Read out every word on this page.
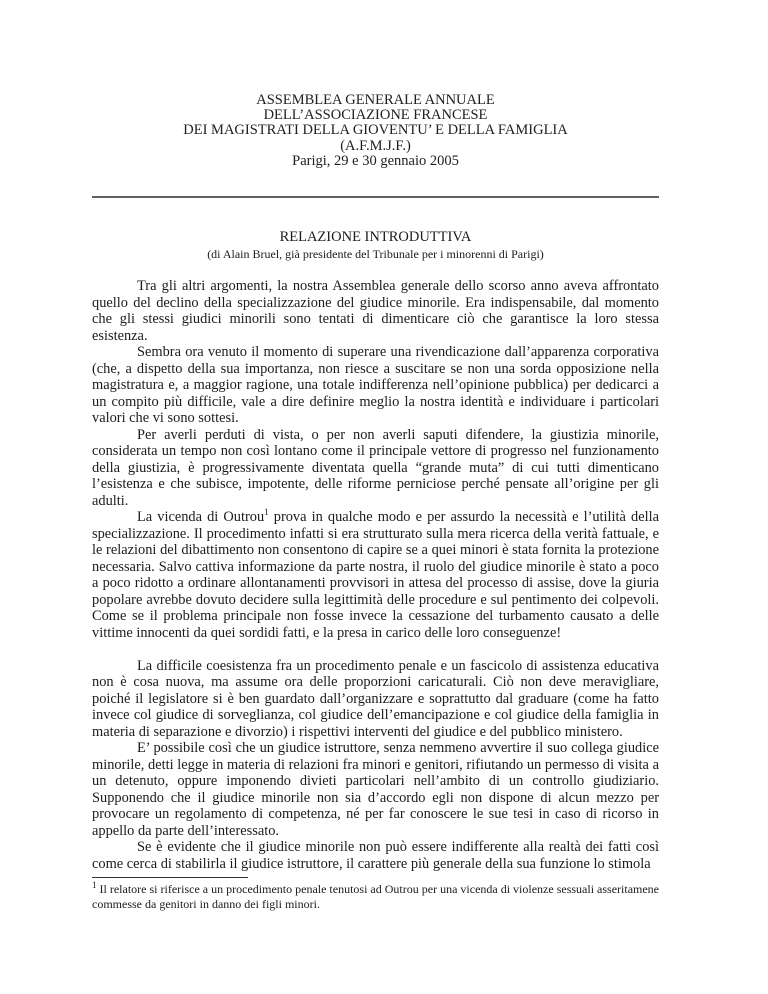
ASSEMBLEA GENERALE ANNUALE
DELL’ASSOCIAZIONE FRANCESE
DEI MAGISTRATI DELLA GIOVENTU’ E DELLA FAMIGLIA
(A.F.M.J.F.)
Parigi, 29 e 30 gennaio 2005
RELAZIONE INTRODUTTIVA
(di Alain Bruel, già presidente del Tribunale per i minorenni di Parigi)

Tra gli altri argomenti, la nostra Assemblea generale dello scorso anno aveva affrontato quello del declino della specializzazione del giudice minorile. Era indispensabile, dal momento che gli stessi giudici minorili sono tentati di dimenticare ciò che garantisce la loro stessa esistenza.

Sembra ora venuto il momento di superare una rivendicazione dall’apparenza corporativa (che, a dispetto della sua importanza, non riesce a suscitare se non una sorda opposizione nella magistratura e, a maggior ragione, una totale indifferenza nell’opinione pubblica) per dedicarci a un compito più difficile, vale a dire definire meglio la nostra identità e individuare i particolari valori che vi sono sottesi.

Per averli perduti di vista, o per non averli saputi difendere, la giustizia minorile, considerata un tempo non così lontano come il principale vettore di progresso nel funzionamento della giustizia, è progressivamente diventata quella “grande muta” di cui tutti dimenticano l’esistenza e che subisce, impotente, delle riforme perniciose perché pensate all’origine per gli adulti.

La vicenda di Outrou$^1$ prova in qualche modo e per assurdo la necessità e l’utilità della specializzazione. Il procedimento infatti si era strutturato sulla mera ricerca della verità fattuale, e le relazioni del dibattimento non consentono di capire se a quei minori è stata fornita la protezione necessaria. Salvo cattiva informazione da parte nostra, il ruolo del giudice minorile è stato a poco a poco ridotto a ordinare allontanamenti provvisori in attesa del processo di assise, dove la giuria popolare avrebbe dovuto decidere sulla legittimità delle procedure e sul pentimento dei colpevoli. Come se il problema principale non fosse invece la cessazione del turbamento causato a delle vittime innocenti da quei sordidi fatti, e la presa in carico delle loro conseguenze!

La difficile coesistenza fra un procedimento penale e un fascicolo di assistenza educativa non è cosa nuova, ma assume ora delle proporzioni caricaturali. Ciò non deve meravigliare, poiché il legislatore si è ben guardato dall’organizzare e soprattutto dal graduare (come ha fatto invece col giudice di sorveglianza, col giudice dell’emancipazione e col giudice della famiglia in materia di separazione e divorzio) i rispettivi interventi del giudice e del pubblico ministero.

E’ possibile così che un giudice istruttore, senza nemmeno avvertire il suo collega giudice minorile, detti legge in materia di relazioni fra minori e genitori, rifiutando un permesso di visita a un detenuto, oppure imponendo divieti particolari nell’ambito di un controllo giudiziario. Supponendo che il giudice minorile non sia d’accordo egli non dispone di alcun mezzo per provocare un regolamento di competenza, né per far conoscere le sue tesi in caso di ricorso in appello da parte dell’interessato.

Se è evidente che il giudice minorile non può essere indifferente alla realtà dei fatti così come cerca di stabilirla il giudice istruttore, il carattere più generale della sua funzione lo stimola

$^1$ Il relatore si riferisce a un procedimento penale tenutosi ad Outrou per una vicenda di violenze sessuali asseritamene commesse da genitori in danno dei figli minori.
